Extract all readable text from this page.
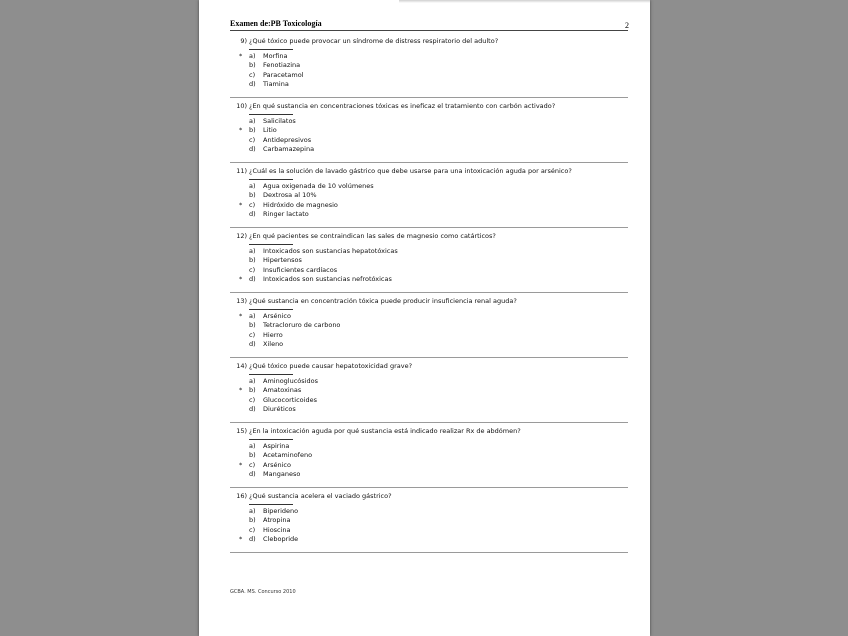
Examen de:PB Toxicología	2
9) ¿Qué tóxico puede provocar un síndrome de distress respiratorio del adulto?
* a) Morfina
b) Fenotiazina
c) Paracetamol
d) Tiamina
10) ¿En qué sustancia en concentraciones tóxicas es ineficaz el tratamiento con carbón activado?
a) Salicilatos
* b) Litio
c) Antidepresivos
d) Carbamazepina
11) ¿Cuál es la solución de lavado gástrico que debe usarse para una intoxicación aguda por arsénico?
a) Agua oxigenada de 10 volúmenes
b) Dextrosa al 10%
* c) Hidróxido de magnesio
d) Ringer lactato
12) ¿En qué pacientes se contraindican las sales de magnesio como catárticos?
a) Intoxicados son sustancias hepatotóxicas
b) Hipertensos
c) Insuficientes cardíacos
* d) Intoxicados son sustancias nefrotóxicas
13) ¿Qué sustancia en concentración tóxica puede producir insuficiencia renal aguda?
* a) Arsénico
b) Tetracloruro de carbono
c) Hierro
d) Xileno
14) ¿Qué tóxico puede causar hepatotoxicidad grave?
a) Aminoglucósidos
* b) Amatoxinas
c) Glucocorticoides
d) Diuréticos
15) ¿En la intoxicación aguda por qué sustancia está indicado realizar Rx de abdómen?
a) Aspirina
b) Acetaminofeno
* c) Arsénico
d) Manganeso
16) ¿Qué sustancia acelera el vaciado gástrico?
a) Biperideno
b) Atropina
c) Hioscina
* d) Clebopride
GCBA. MS. Concurso 2010
